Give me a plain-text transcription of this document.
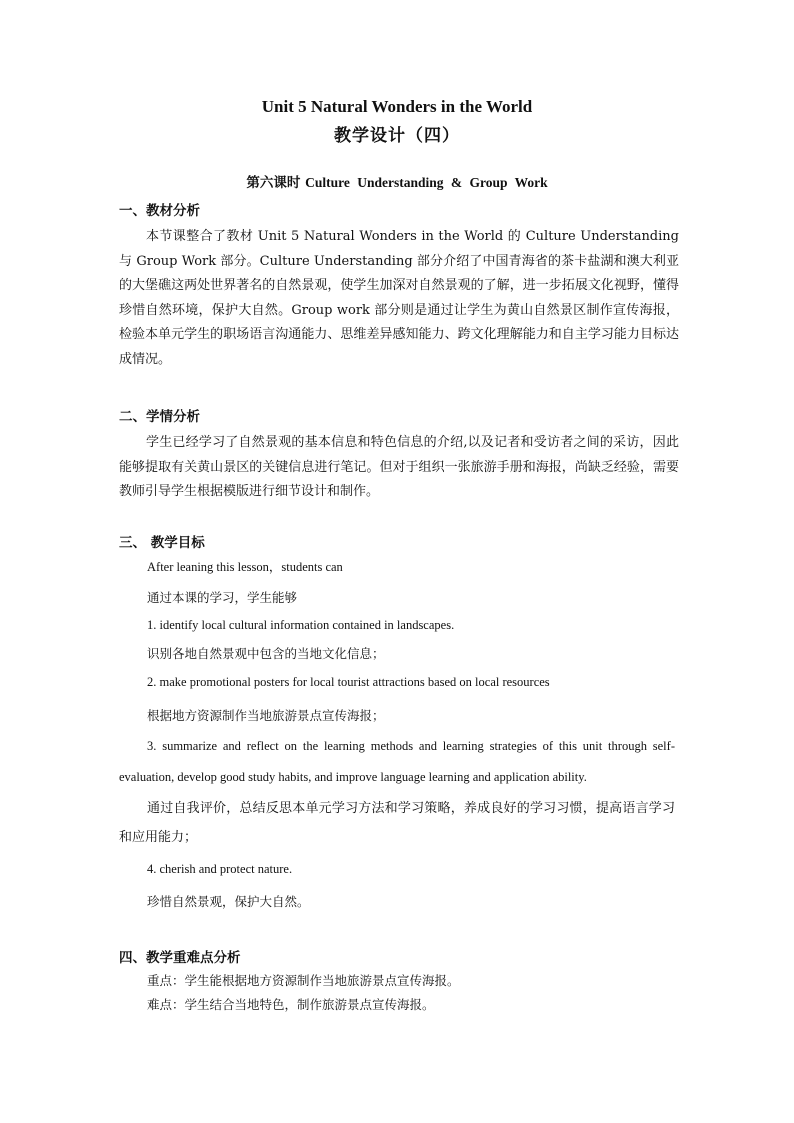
Unit 5 Natural Wonders in the World
教学设计（四）
第六课时 Culture Understanding & Group Work
一、教材分析
本节课整合了教材 Unit 5 Natural Wonders in the World 的 Culture Understanding 与 Group Work 部分。Culture Understanding 部分介绍了中国青海省的茶卡盐湖和澳大利亚的大堡礁这两处世界著名的自然景观，使学生加深对自然景观的了解，进一步拓展文化视野，懂得珍惜自然环境，保护大自然。Group work 部分则是通过让学生为黄山自然景区制作宣传海报，检验本单元学生的职场语言沟通能力、思维差异感知能力、跨文化理解能力和自主学习能力目标达成情况。
二、学情分析
学生已经学习了自然景观的基本信息和特色信息的介绍,以及记者和受访者之间的采访，因此能够提取有关黄山景区的关键信息进行笔记。但对于组织一张旅游手册和海报，尚缺乏经验，需要教师引导学生根据模版进行细节设计和制作。
三、 教学目标
After leaning this lesson，students can
通过本课的学习，学生能够
1. identify local cultural information contained in landscapes.
识别各地自然景观中包含的当地文化信息；
2. make promotional posters for local tourist attractions based on local resources
根据地方资源制作当地旅游景点宣传海报；
3. summarize and reflect on the learning methods and learning strategies of this unit through self-evaluation, develop good study habits, and improve language learning and application ability.
通过自我评价，总结反思本单元学习方法和学习策略，养成良好的学习习惯，提高语言学习和应用能力；
4. cherish and protect nature.
珍惜自然景观，保护大自然。
四、教学重难点分析
重点：学生能根据地方资源制作当地旅游景点宣传海报。
难点：学生结合当地特色，制作旅游景点宣传海报。
